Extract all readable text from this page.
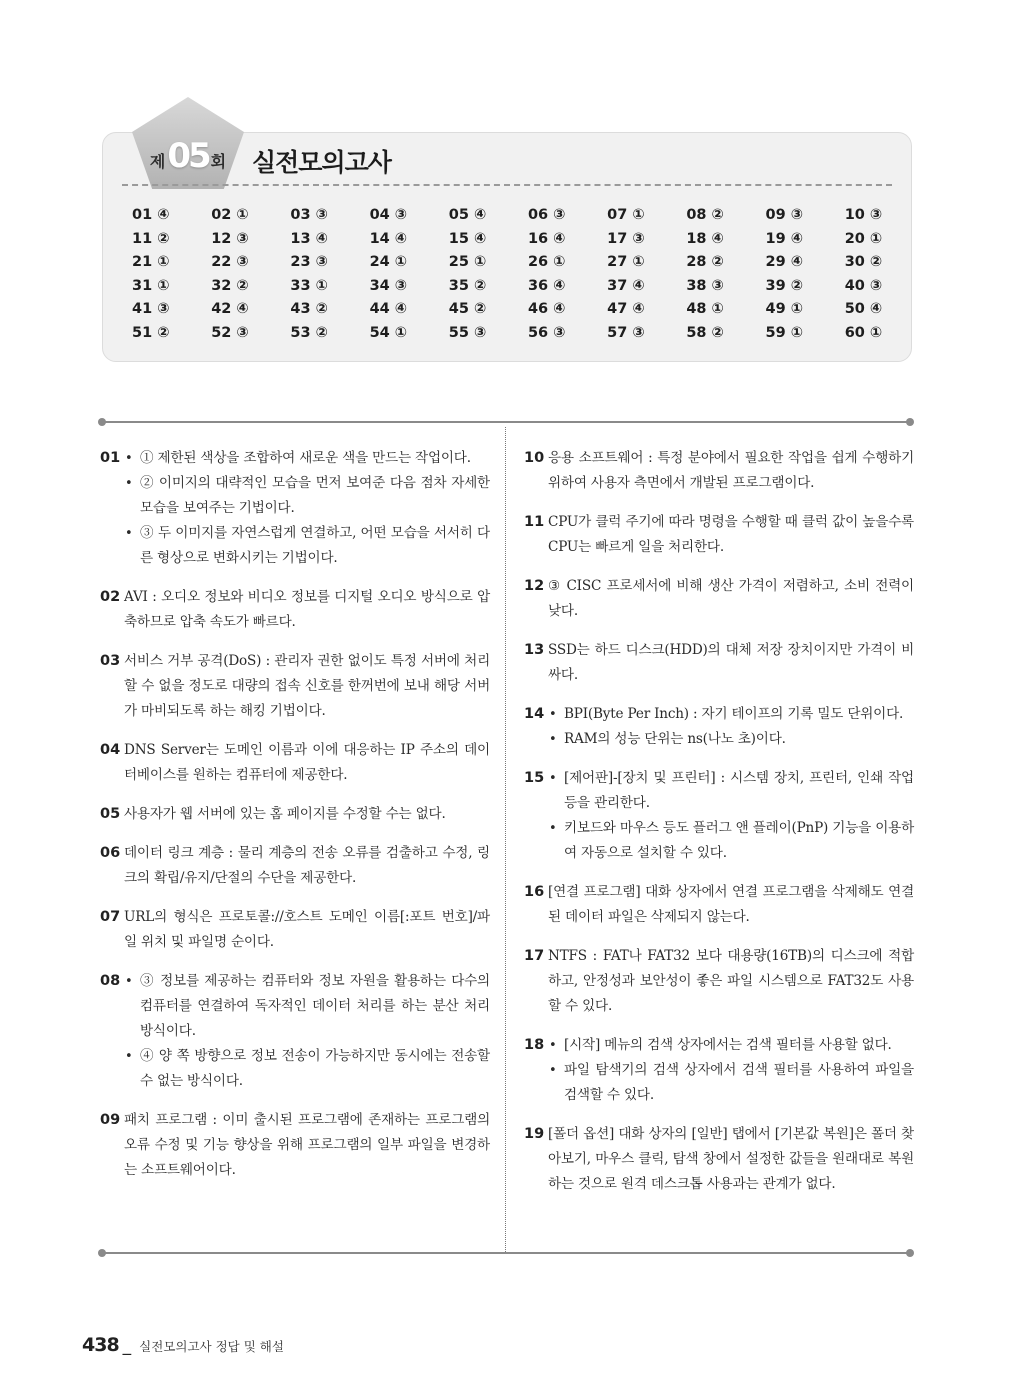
제 05 회 실전모의고사
01 ④	02 ①	03 ③	04 ③	05 ④	06 ③	07 ①	08 ②	09 ③	10 ③
11 ②	12 ③	13 ④	14 ④	15 ④	16 ④	17 ③	18 ④	19 ④	20 ①
21 ①	22 ③	23 ③	24 ①	25 ①	26 ①	27 ①	28 ②	29 ④	30 ②
31 ①	32 ②	33 ①	34 ③	35 ②	36 ④	37 ④	38 ③	39 ②	40 ③
41 ③	42 ④	43 ②	44 ④	45 ②	46 ④	47 ④	48 ①	49 ①	50 ④
51 ②	52 ③	53 ②	54 ①	55 ③	56 ③	57 ③	58 ②	59 ①	60 ①
01 • ① 제한된 색상을 조합하여 새로운 색을 만드는 작업이다.
• ② 이미지의 대략적인 모습을 먼저 보여준 다음 점차 자세한 모습을 보여주는 기법이다.
• ③ 두 이미지를 자연스럽게 연결하고, 어떤 모습을 서서히 다른 형상으로 변화시키는 기법이다.
02 AVI : 오디오 정보와 비디오 정보를 디지털 오디오 방식으로 압축하므로 압축 속도가 빠르다.
03 서비스 거부 공격(DoS) : 관리자 권한 없이도 특정 서버에 처리할 수 없을 정도로 대량의 접속 신호를 한꺼번에 보내 해당 서버가 마비되도록 하는 해킹 기법이다.
04 DNS Server는 도메인 이름과 이에 대응하는 IP 주소의 데이터베이스를 원하는 컴퓨터에 제공한다.
05 사용자가 웹 서버에 있는 홈 페이지를 수정할 수는 없다.
06 데이터 링크 계층 : 물리 계층의 전송 오류를 검출하고 수정, 링크의 확립/유지/단절의 수단을 제공한다.
07 URL의 형식은 프로토콜://호스트 도메인 이름[:포트 번호]/파일 위치 및 파일명 순이다.
08 • ③ 정보를 제공하는 컴퓨터와 정보 자원을 활용하는 다수의 컴퓨터를 연결하여 독자적인 데이터 처리를 하는 분산 처리 방식이다.
• ④ 양 쪽 방향으로 정보 전송이 가능하지만 동시에는 전송할 수 없는 방식이다.
09 패치 프로그램 : 이미 출시된 프로그램에 존재하는 프로그램의 오류 수정 및 기능 향상을 위해 프로그램의 일부 파일을 변경하는 소프트웨어이다.
10 응용 소프트웨어 : 특정 분야에서 필요한 작업을 쉽게 수행하기 위하여 사용자 측면에서 개발된 프로그램이다.
11 CPU가 클럭 주기에 따라 명령을 수행할 때 클럭 값이 높을수록 CPU는 빠르게 일을 처리한다.
12 ③ CISC 프로세서에 비해 생산 가격이 저렴하고, 소비 전력이 낮다.
13 SSD는 하드 디스크(HDD)의 대체 저장 장치이지만 가격이 비싸다.
14 • BPI(Byte Per Inch) : 자기 테이프의 기록 밀도 단위이다.
• RAM의 성능 단위는 ns(나노 초)이다.
15 • [제어판]-[장치 및 프린터] : 시스템 장치, 프린터, 인쇄 작업 등을 관리한다.
• 키보드와 마우스 등도 플러그 앤 플레이(PnP) 기능을 이용하여 자동으로 설치할 수 있다.
16 [연결 프로그램] 대화 상자에서 연결 프로그램을 삭제해도 연결된 데이터 파일은 삭제되지 않는다.
17 NTFS : FAT나 FAT32 보다 대용량(16TB)의 디스크에 적합하고, 안정성과 보안성이 좋은 파일 시스템으로 FAT32도 사용할 수 있다.
18 • [시작] 메뉴의 검색 상자에서는 검색 필터를 사용할 없다.
• 파일 탐색기의 검색 상자에서 검색 필터를 사용하여 파일을 검색할 수 있다.
19 [폴더 옵션] 대화 상자의 [일반] 탭에서 [기본값 복원]은 폴더 찾아보기, 마우스 클릭, 탐색 창에서 설정한 값들을 원래대로 복원하는 것으로 원격 데스크톱 사용과는 관계가 없다.
438 _ 실전모의고사 정답 및 해설
